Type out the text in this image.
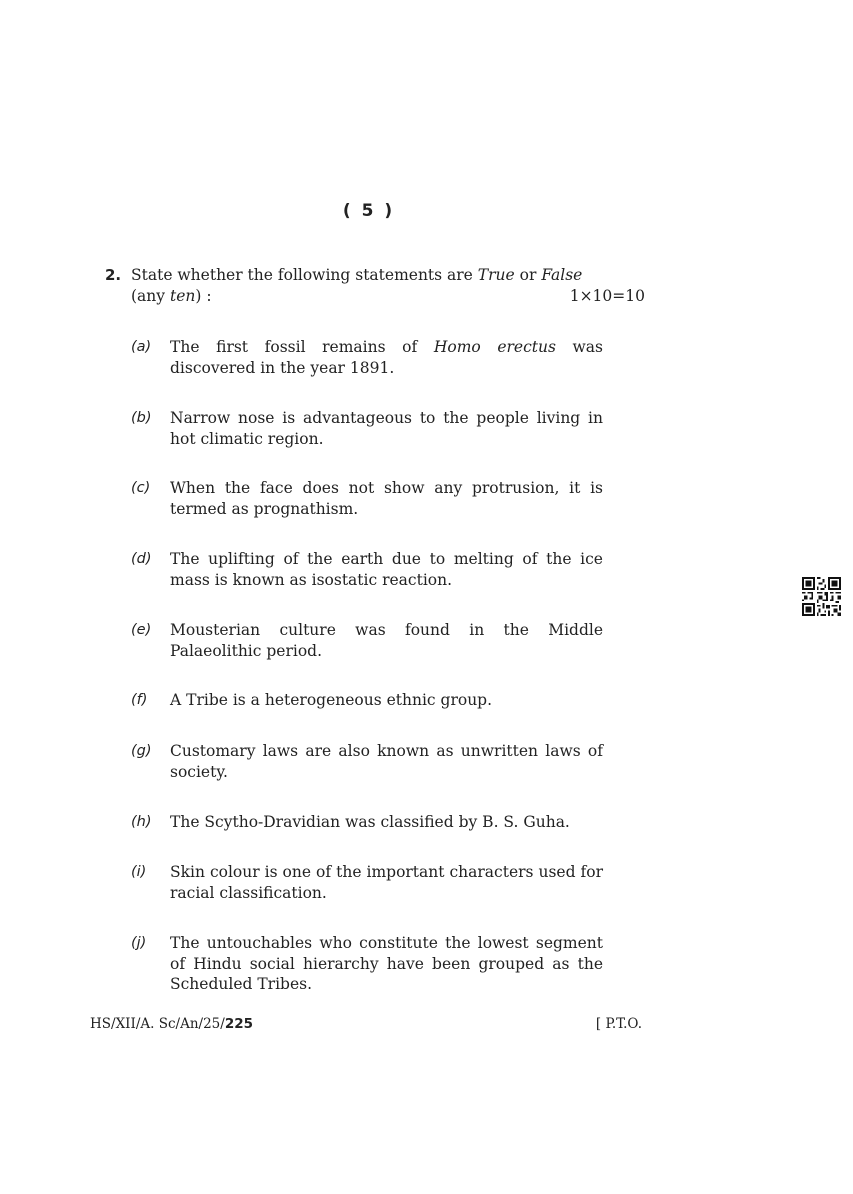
( 5 )
2. State whether the following statements are True or False
(any ten) :	1×10=10
(a) The first fossil remains of Homo erectus was discovered in the year 1891.
(b) Narrow nose is advantageous to the people living in hot climatic region.
(c) When the face does not show any protrusion, it is termed as prognathism.
(d) The uplifting of the earth due to melting of the ice mass is known as isostatic reaction.
(e) Mousterian culture was found in the Middle Palaeolithic period.
(f) A Tribe is a heterogeneous ethnic group.
(g) Customary laws are also known as unwritten laws of society.
(h) The Scytho-Dravidian was classified by B. S. Guha.
(i) Skin colour is one of the important characters used for racial classification.
(j) The untouchables who constitute the lowest segment of Hindu social hierarchy have been grouped as the Scheduled Tribes.
HS/XII/A. Sc/An/25/225	[ P.T.O.
